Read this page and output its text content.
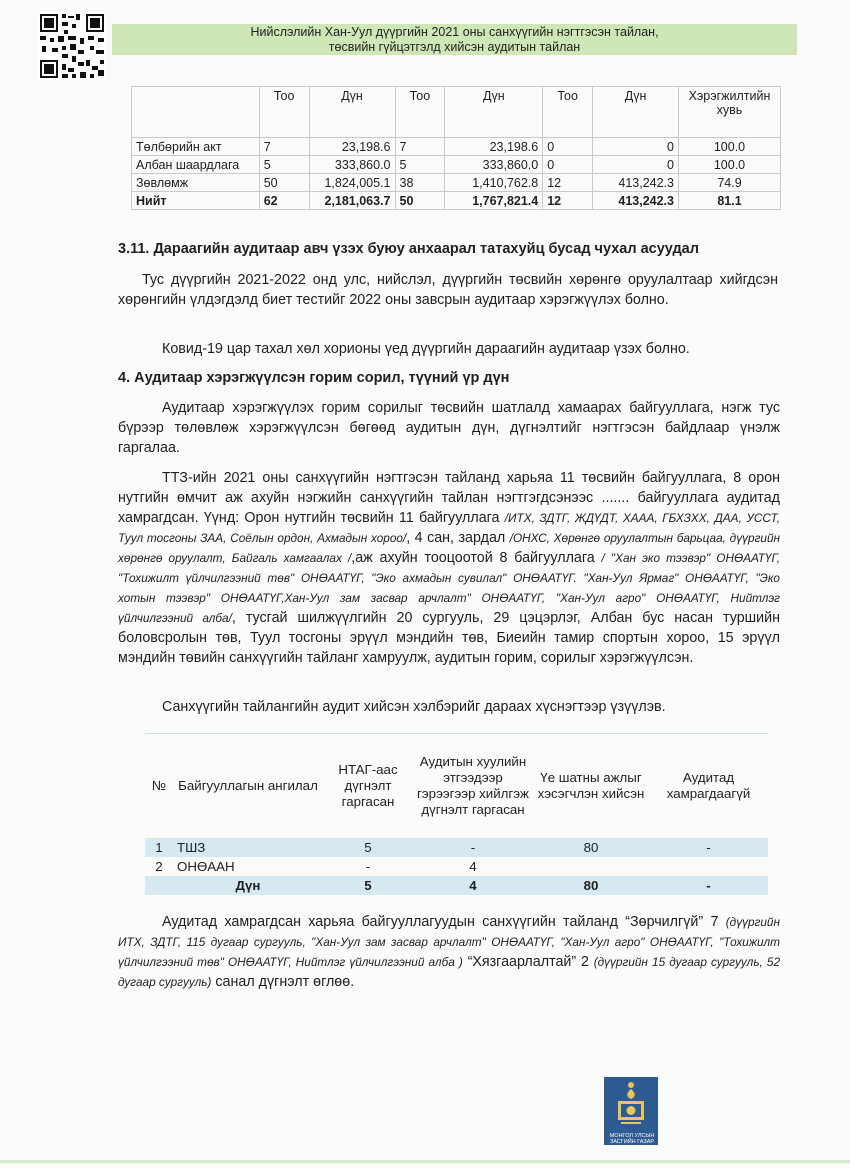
Нийслэлийн Хан-Уул дүүргийн 2021 оны санхүүгийн нэгтгэсэн тайлан,
төсвийн гүйцэтгэлд хийсэн аудитын тайлан
	Тоо	Дүн	Тоо	Дүн	Тоо	Дүн	Хэрэгжилтийн хувь
Төлбөрийн акт	7	23,198.6	7	23,198.6	0	0	100.0
Албан шаардлага	5	333,860.0	5	333,860.0	0	0	100.0
Зөвлөмж	50	1,824,005.1	38	1,410,762.8	12	413,242.3	74.9
Нийт	62	2,181,063.7	50	1,767,821.4	12	413,242.3	81.1
3.11. Дараагийн аудитаар авч үзэх буюу анхаарал татахуйц бусад чухал асуудал
Тус дүүргийн 2021-2022 онд улс, нийслэл, дүүргийн төсвийн хөрөнгө оруулалтаар хийгдсэн хөрөнгийн үлдэгдэлд биет тестийг 2022 оны завсрын аудитаар хэрэгжүүлэх болно.
Ковид-19 цар тахал хөл хорионы үед дүүргийн дараагийн аудитаар үзэх болно.
4. Аудитаар хэрэгжүүлсэн горим сорил, түүний үр дүн
Аудитаар хэрэгжүүлэх горим сорилыг төсвийн шатлалд хамаарах байгууллага, нэгж тус бүрээр төлөвлөж хэрэгжүүлсэн бөгөөд аудитын дүн, дүгнэлтийг нэгтгэсэн байдлаар үнэлж гаргалаа.
ТТЗ-ийн 2021 оны санхүүгийн нэгтгэсэн тайланд харьяа 11 төсвийн байгууллага, 8 орон нутгийн өмчит аж ахуйн нэгжийн санхүүгийн тайлан нэгтгэгдсэнээс ....... байгууллага аудитад хамрагдсан. Үүнд: Орон нутгийн төсвийн 11 байгууллага /ИТХ, ЗДТГ, ЖДҮДТ, ХААА, ГБХЗХХ, ДАА, УССТ, Туул тосгоны ЗАА, Соёлын ордон, Ахмадын хороо/, 4 сан, зардал /ОНХС, Хөрөнгө оруулалтын барьцаа, дүүргийн хөрөнгө оруулалт, Байгаль хамгаалах /,аж ахуйн тооцоотой 8 байгууллага / "Хан эко тээвэр" ОНӨААТҮГ, "Тохижилт үйлчилгээний төв" ОНӨААТҮГ, "Эко ахмадын сувилал" ОНӨААТҮГ. "Хан-Уул Ярмаг" ОНӨААТҮГ, "Эко хотын тээвэр" ОНӨААТҮГ,Хан-Уул зам засвар арчлалт" ОНӨААТҮГ, "Хан-Уул агро" ОНӨААТҮГ, Нийтлэг үйлчилгээний алба/, тусгай шилжүүлгийн 20 сургууль, 29 цэцэрлэг, Албан бус насан туршийн боловсролын төв, Туул тосгоны эрүүл мэндийн төв, Биеийн тамир спортын хороо, 15 эрүүл мэндийн төвийн санхүүгийн тайланг хамруулж, аудитын горим, сорилыг хэрэгжүүлсэн.
Санхүүгийн тайлангийн аудит хийсэн хэлбэрийг дараах хүснэгтээр үзүүлэв.
№	Байгууллагын ангилал	НТАГ-аас дүгнэлт гаргасан	Аудитын хуулийн этгээдээр гэрээгээр хийлгэж дүгнэлт гаргасан	Үе шатны ажлыг хэсэгчлэн хийсэн	Аудитад хамрагдаагүй
1	ТШЗ	5	-	80	-
2	ОНӨААН	-	4		
	Дүн	5	4	80	-
Аудитад хамрагдсан харьяа байгууллагуудын санхүүгийн тайланд “Зөрчилгүй” 7 (дүүргийн ИТХ, ЗДТГ, 115 дугаар сургууль, "Хан-Уул зам засвар арчлалт" ОНӨААТҮГ, "Хан-Уул агро" ОНӨААТҮГ, "Тохижилт үйлчилгээний төв" ОНӨААТҮГ, Нийтлэг үйлчилгээний алба ) “Хязгаарлалтай” 2 (дүүргийн 15 дугаар сургууль, 52 дугаар сургууль) санал дүгнэлт өглөө.
МОНГОЛ УЛСЫН
ЗАСГИЙН ГАЗАР
